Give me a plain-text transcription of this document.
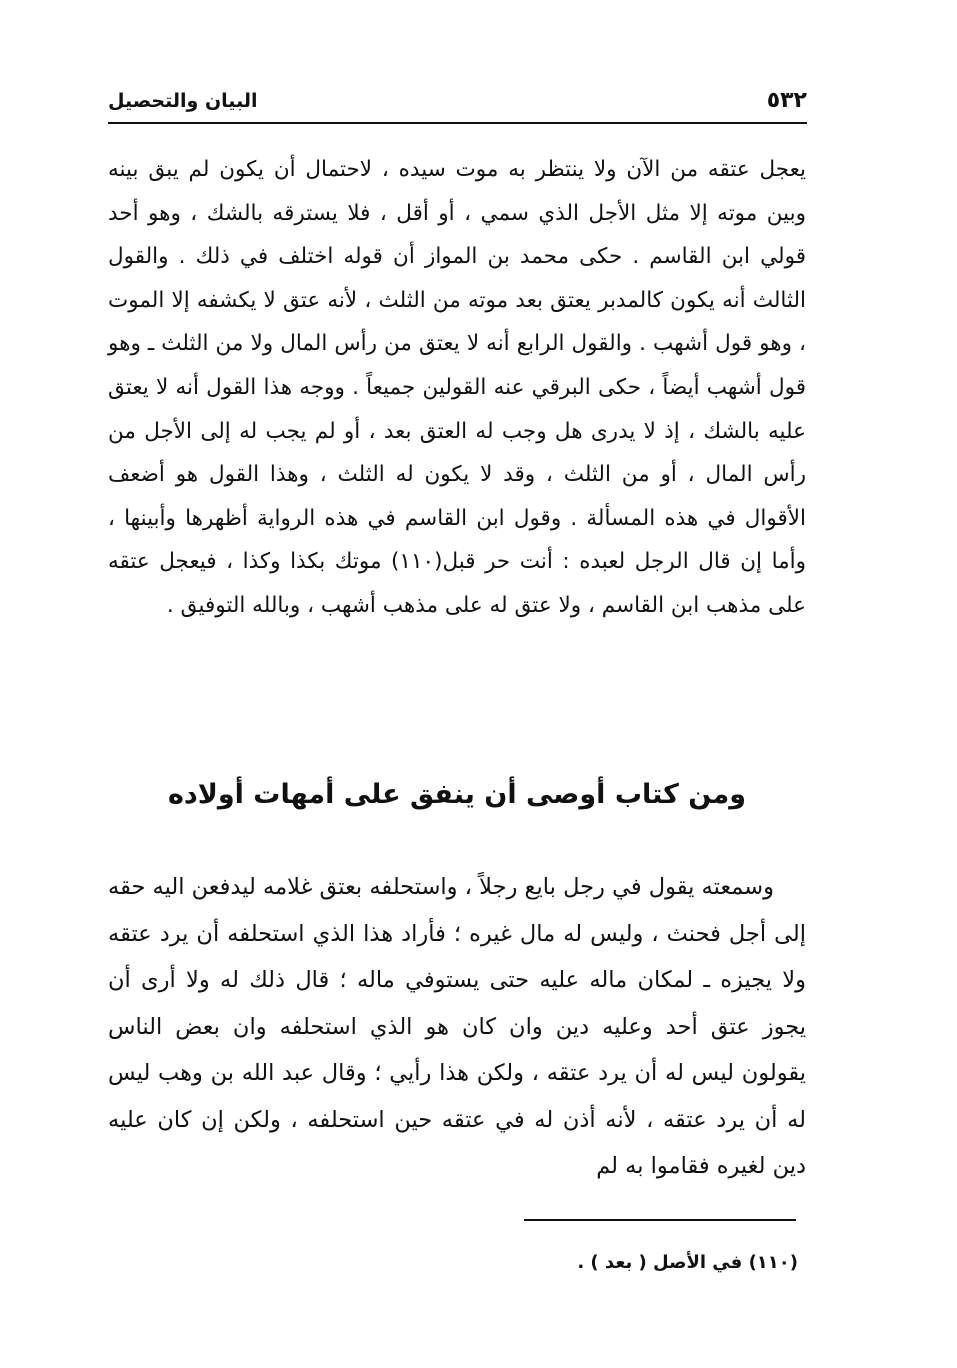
٥٣٢
البيان والتحصيل

يعجل عتقه من الآن ولا ينتظر به موت سيده ، لاحتمال أن يكون لم يبق بينه وبين موته إلا مثل الأجل الذي سمي ، أو أقل ، فلا يسترقه بالشك ، وهو أحد قولي ابن القاسم . حكى محمد بن المواز أن قوله اختلف في ذلك . والقول الثالث أنه يكون كالمدبر يعتق بعد موته من الثلث ، لأنه عتق لا يكشفه إلا الموت ، وهو قول أشهب . والقول الرابع أنه لا يعتق من رأس المال ولا من الثلث ـ وهو قول أشهب أيضاً ، حكى البرقي عنه القولين جميعاً . ووجه هذا القول أنه لا يعتق عليه بالشك ، إذ لا يدرى هل وجب له العتق بعد ، أو لم يجب له إلى الأجل من رأس المال ، أو من الثلث ، وقد لا يكون له الثلث ، وهذا القول هو أضعف الأقوال في هذه المسألة . وقول ابن القاسم في هذه الرواية أظهرها وأبينها ، وأما إن قال الرجل لعبده : أنت حر قبل(١١٠) موتك بكذا وكذا ، فيعجل عتقه على مذهب ابن القاسم ، ولا عتق له على مذهب أشهب ، وبالله التوفيق .

ومن كتاب أوصى أن ينفق على أمهات أولاده

وسمعته يقول في رجل بايع رجلاً ، واستحلفه بعتق غلامه ليدفعن اليه حقه إلى أجل فحنث ، وليس له مال غيره ؛ فأراد هذا الذي استحلفه أن يرد عتقه ولا يجيزه ـ لمكان ماله عليه حتى يستوفي ماله ؛ قال ذلك له ولا أرى أن يجوز عتق أحد وعليه دين وان كان هو الذي استحلفه وان بعض الناس يقولون ليس له أن يرد عتقه ، ولكن هذا رأيي ؛ وقال عبد الله بن وهب ليس له أن يرد عتقه ، لأنه أذن له في عتقه حين استحلفه ، ولكن إن كان عليه دين لغيره فقاموا به لم

(١١٠) في الأصل ( بعد ) .
